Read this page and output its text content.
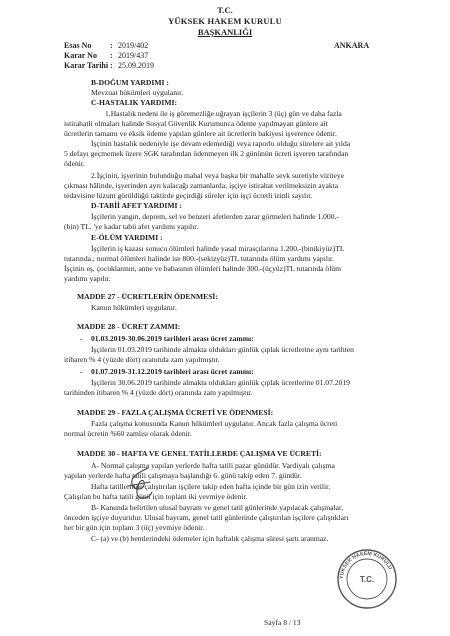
T.C.
YÜKSEK HAKEM KURULU
BAŞKANLIĞI
Esas No : 2019/402
Karar No : 2019/437
Karar Tarihi : 25.09.2019
ANKARA
B-DOĞUM YARDIMI :
Mevzuat hükümleri uygulanır.
C-HASTALIK YARDIMI:
1.Hastalık nedeni ile iş göremezliğe uğrayan işçilerin 3 (üç) gün ve daha fazla
istirahatli olmaları halinde Sosyal Güvenlik Kurumunca ödeme yapılmayan günlere ait
ücretlerin tamamı ve eksik ödeme yapılan günlere ait ücretlerin bakiyesi işverence ödenir.
İşçinin hastalık nedeniyle işe devam edemediği veya raporlu olduğu sürelere ait yılda
5 defayı geçmemek üzere SGK tarafından ödenmeyen ilk 2 gününün ücreti işveren tarafından
ödenir.
2.İşçinin, işyerinin bulunduğu mahal veya başka bir mahalle sevk suretiyle viziteye
çıkması hâlinde, işyerinden ayrı kalacağı zamanlarda; işçiye istirahat verilmeksizin ayakta
tedavisine lüzum görüldüğü taktirde geçirdiği süreler için işçi ücretli izinli sayılır.
D-TABİİ AFET YARDIMI :
İşçilerin yangın, deprem, sel ve benzeri afetlerden zarar görmeleri halinde 1.000.-
(bin) TL. 'ye kadar tabii afet yardımı yapılır.
E-ÖLÜM YARDIMI :
İşçilerin iş kazası sonucu ölümleri halinde yasal mirasçılarına 1.200.-(binikiyüz)TL
tutarında.; normal ölümleri halinde ise 800.-(sekizyüz)TL tutarında ölüm yardımı yapılır.
İşçinin eş, çocuklarının, anne ve babasının ölümleri halinde 300.-(üçyüz)TL tutarında ölüm
yardımı yapılır.
MADDE 27 - ÜCRETLERİN ÖDENMESİ:
Kanun hükümleri uygulanır.
MADDE 28 - ÜCRET ZAMMI:
- 01.03.2019-30.06.2019 tarihleri arası ücret zammı:
İşçilerin 01.03.2019 tarihinde almakta oldukları günlük çıplak ücretlerine aynı tarihten
itibaren % 4 (yüzde dört) oranında zam yapılmıştır.
- 01.07.2019-31.12.2019 tarihleri arası ücret zammı:
İşçilerin 30.06.2019 tarihinde almakta oldukları günlük çıplak ücretlerine 01.07.2019
tarihinden itibaren % 4 (yüzde dört) oranında zam yapılmıştır.
MADDE 29 - FAZLA ÇALIŞMA ÜCRETİ VE ÖDENMESİ:
Fazla çalışma konusunda Kanun hükümleri uygulanır. Ancak fazla çalışma ücreti
normal ücretin %60 zamlısı olarak ödenir.
MADDE 30 - HAFTA VE GENEL TATİLLERDE ÇALIŞMA VE ÜCRETİ:
A- Normal çalışma yapılan yerlerde hafta tatili pazar günüdür. Vardiyalı çalışma
yapılan yerlerde hafta tatili çalışmaya başlandığı 6. günü takip eden 7. gündür.
Hafta tatillerinde çalıştırılan işçilere takip eden hafta içinde bir gün izin verilir.
Çalışılan bu hafta tatili günü için toplam iki yevmiye ödenir.
B- Kanunda belirtilen ulusal bayram ve genel tatil günlerinde yapılacak çalışmalar,
önceden işçiye duyurulur. Ulusal bayram, genel tatil günlerinde çalıştırılan işçilere çalıştıkları
her bir gün için toplam 3 (üç) yevmiye ödenir.
C- (a) ve (b) bentlerindeki ödemeler için haftalık çalışma süresi şartı aranmaz.
YÜKSEK HAKEM KURULU
T.C.
Sayfa 8 / 13
